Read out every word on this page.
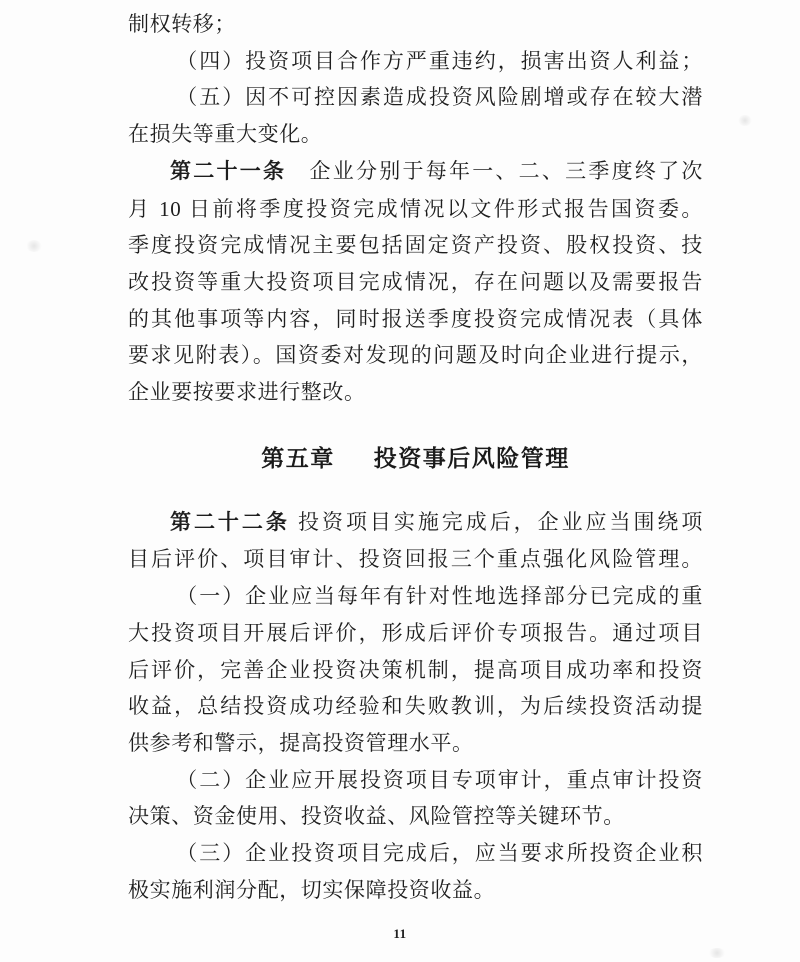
制权转移；
（四）投资项目合作方严重违约，损害出资人利益；
（五）因不可控因素造成投资风险剧增或存在较大潜
在损失等重大变化。
第二十一条　企业分别于每年一、二、三季度终了次
月 10 日前将季度投资完成情况以文件形式报告国资委。
季度投资完成情况主要包括固定资产投资、股权投资、技
改投资等重大投资项目完成情况，存在问题以及需要报告
的其他事项等内容，同时报送季度投资完成情况表（具体
要求见附表）。国资委对发现的问题及时向企业进行提示，
企业要按要求进行整改。
第五章 投资事后风险管理
第二十二条 投资项目实施完成后，企业应当围绕项
目后评价、项目审计、投资回报三个重点强化风险管理。
（一）企业应当每年有针对性地选择部分已完成的重
大投资项目开展后评价，形成后评价专项报告。通过项目
后评价，完善企业投资决策机制，提高项目成功率和投资
收益，总结投资成功经验和失败教训，为后续投资活动提
供参考和警示，提高投资管理水平。
（二）企业应开展投资项目专项审计，重点审计投资
决策、资金使用、投资收益、风险管控等关键环节。
（三）企业投资项目完成后，应当要求所投资企业积
极实施利润分配，切实保障投资收益。
11
